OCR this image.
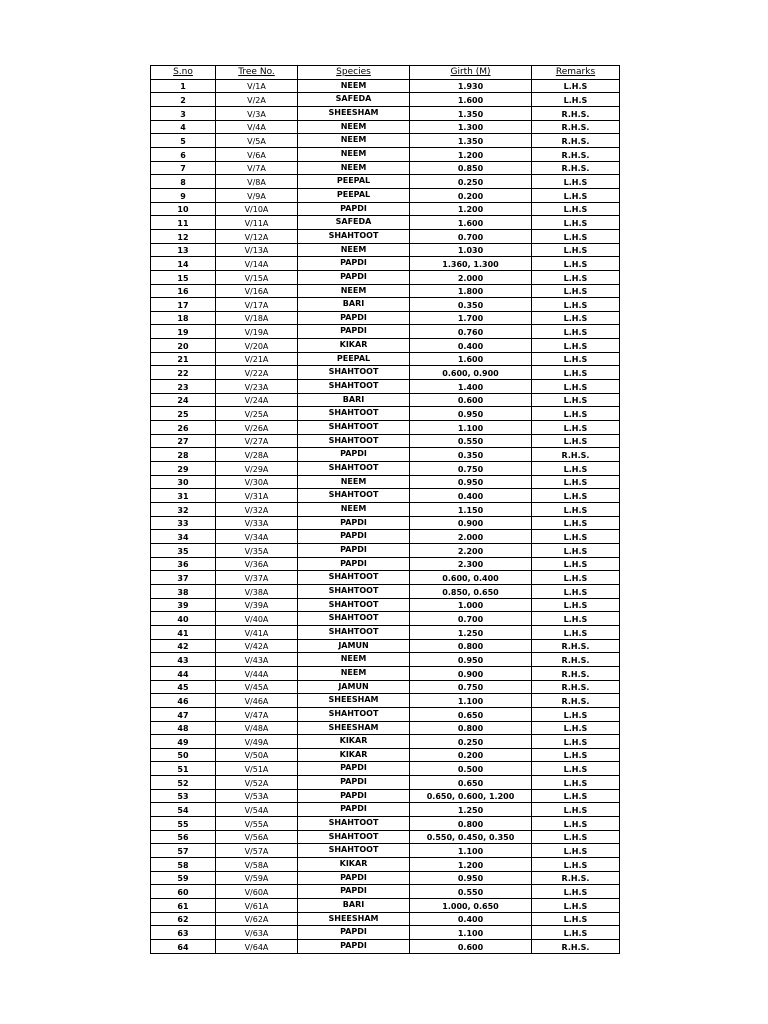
S.no	Tree No.	Species	Girth (M)	Remarks
1	V/1A	NEEM	1.930	L.H.S
2	V/2A	SAFEDA	1.600	L.H.S
3	V/3A	SHEESHAM	1.350	R.H.S.
4	V/4A	NEEM	1.300	R.H.S.
5	V/5A	NEEM	1.350	R.H.S.
6	V/6A	NEEM	1.200	R.H.S.
7	V/7A	NEEM	0.850	R.H.S.
8	V/8A	PEEPAL	0.250	L.H.S
9	V/9A	PEEPAL	0.200	L.H.S
10	V/10A	PAPDI	1.200	L.H.S
11	V/11A	SAFEDA	1.600	L.H.S
12	V/12A	SHAHTOOT	0.700	L.H.S
13	V/13A	NEEM	1.030	L.H.S
14	V/14A	PAPDI	1.360, 1.300	L.H.S
15	V/15A	PAPDI	2.000	L.H.S
16	V/16A	NEEM	1.800	L.H.S
17	V/17A	BARI	0.350	L.H.S
18	V/18A	PAPDI	1.700	L.H.S
19	V/19A	PAPDI	0.760	L.H.S
20	V/20A	KIKAR	0.400	L.H.S
21	V/21A	PEEPAL	1.600	L.H.S
22	V/22A	SHAHTOOT	0.600, 0.900	L.H.S
23	V/23A	SHAHTOOT	1.400	L.H.S
24	V/24A	BARI	0.600	L.H.S
25	V/25A	SHAHTOOT	0.950	L.H.S
26	V/26A	SHAHTOOT	1.100	L.H.S
27	V/27A	SHAHTOOT	0.550	L.H.S
28	V/28A	PAPDI	0.350	R.H.S.
29	V/29A	SHAHTOOT	0.750	L.H.S
30	V/30A	NEEM	0.950	L.H.S
31	V/31A	SHAHTOOT	0.400	L.H.S
32	V/32A	NEEM	1.150	L.H.S
33	V/33A	PAPDI	0.900	L.H.S
34	V/34A	PAPDI	2.000	L.H.S
35	V/35A	PAPDI	2.200	L.H.S
36	V/36A	PAPDI	2.300	L.H.S
37	V/37A	SHAHTOOT	0.600, 0.400	L.H.S
38	V/38A	SHAHTOOT	0.850, 0.650	L.H.S
39	V/39A	SHAHTOOT	1.000	L.H.S
40	V/40A	SHAHTOOT	0.700	L.H.S
41	V/41A	SHAHTOOT	1.250	L.H.S
42	V/42A	JAMUN	0.800	R.H.S.
43	V/43A	NEEM	0.950	R.H.S.
44	V/44A	NEEM	0.900	R.H.S.
45	V/45A	JAMUN	0.750	R.H.S.
46	V/46A	SHEESHAM	1.100	R.H.S.
47	V/47A	SHAHTOOT	0.650	L.H.S
48	V/48A	SHEESHAM	0.800	L.H.S
49	V/49A	KIKAR	0.250	L.H.S
50	V/50A	KIKAR	0.200	L.H.S
51	V/51A	PAPDI	0.500	L.H.S
52	V/52A	PAPDI	0.650	L.H.S
53	V/53A	PAPDI	0.650, 0.600, 1.200	L.H.S
54	V/54A	PAPDI	1.250	L.H.S
55	V/55A	SHAHTOOT	0.800	L.H.S
56	V/56A	SHAHTOOT	0.550, 0.450, 0.350	L.H.S
57	V/57A	SHAHTOOT	1.100	L.H.S
58	V/58A	KIKAR	1.200	L.H.S
59	V/59A	PAPDI	0.950	R.H.S.
60	V/60A	PAPDI	0.550	L.H.S
61	V/61A	BARI	1.000, 0.650	L.H.S
62	V/62A	SHEESHAM	0.400	L.H.S
63	V/63A	PAPDI	1.100	L.H.S
64	V/64A	PAPDI	0.600	R.H.S.
